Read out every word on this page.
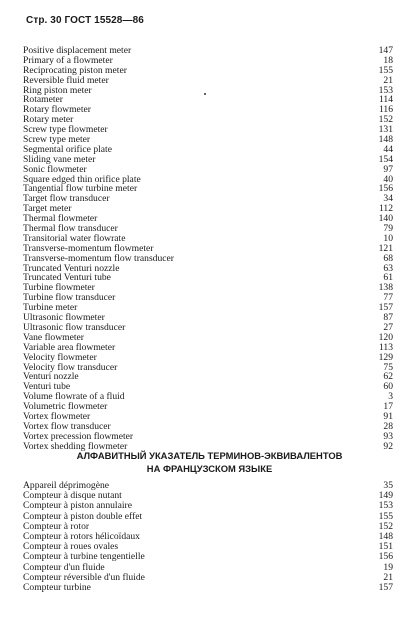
Стр. 30 ГОСТ 15528—86
Positive displacement meter	147
Primary of a flowmeter	18
Reciprocating piston meter	155
Reversible fluid meter	21
Ring piston meter	153
Rotameter	114
Rotary flowmeter	116
Rotary meter	152
Screw type flowmeter	131
Screw type meter	148
Segmental orifice plate	44
Sliding vane meter	154
Sonic flowmeter	97
Square edged thin orifice plate	40
Tangential flow turbine meter	156
Target flow transducer	34
Target meter	112
Thermal flowmeter	140
Thermal flow transducer	79
Transitorial water flowrate	10
Transverse-momentum flowmeter	121
Transverse-momentum flow transducer	68
Truncated Venturi nozzle	63
Truncated Venturi tube	61
Turbine flowmeter	138
Turbine flow transducer	77
Turbine meter	157
Ultrasonic flowmeter	87
Ultrasonic flow transducer	27
Vane flowmeter	120
Variable area flowmeter	113
Velocity flowmeter	129
Velocity flow transducer	75
Venturi nozzle	62
Venturi tube	60
Volume flowrate of a fluid	3
Volumetric flowmeter	17
Vortex flowmeter	91
Vortex flow transducer	28
Vortex precession flowmeter	93
Vortex shedding flowmeter	92
АЛФАВИТНЫЙ УКАЗАТЕЛЬ ТЕРМИНОВ-ЭКВИВАЛЕНТОВ
НА ФРАНЦУЗСКОМ ЯЗЫКЕ
Appareil déprimogène	35
Compteur à disque nutant	149
Compteur à piston annulaire	153
Compteur à piston double effet	155
Compteur à rotor	152
Compteur à rotors hélicoïdaux	148
Compteur à roues ovales	151
Compteur à turbine tengentielle	156
Compteur d'un fluide	19
Compteur réversible d'un fluide	21
Compteur turbine	157
